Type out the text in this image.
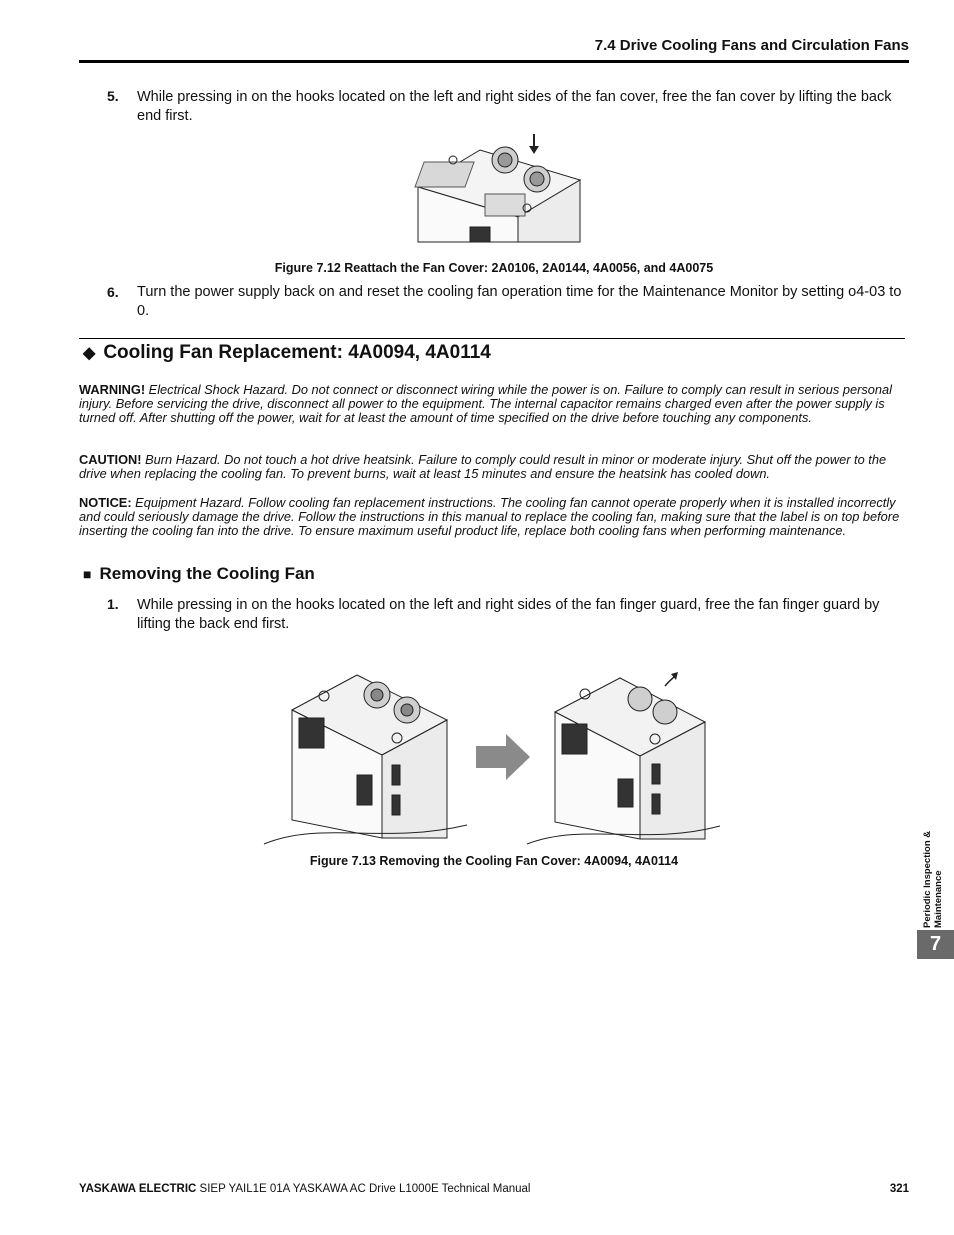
7.4 Drive Cooling Fans and Circulation Fans
5. While pressing in on the hooks located on the left and right sides of the fan cover, free the fan cover by lifting the back end first.
Figure 7.12 Reattach the Fan Cover: 2A0106, 2A0144, 4A0056, and 4A0075
6. Turn the power supply back on and reset the cooling fan operation time for the Maintenance Monitor by setting o4-03 to 0.
◆ Cooling Fan Replacement: 4A0094, 4A0114
WARNING! Electrical Shock Hazard. Do not connect or disconnect wiring while the power is on. Failure to comply can result in serious personal injury. Before servicing the drive, disconnect all power to the equipment. The internal capacitor remains charged even after the power supply is turned off. After shutting off the power, wait for at least the amount of time specified on the drive before touching any components.
CAUTION! Burn Hazard. Do not touch a hot drive heatsink. Failure to comply could result in minor or moderate injury. Shut off the power to the drive when replacing the cooling fan. To prevent burns, wait at least 15 minutes and ensure the heatsink has cooled down.
NOTICE: Equipment Hazard. Follow cooling fan replacement instructions. The cooling fan cannot operate properly when it is installed incorrectly and could seriously damage the drive. Follow the instructions in this manual to replace the cooling fan, making sure that the label is on top before inserting the cooling fan into the drive. To ensure maximum useful product life, replace both cooling fans when performing maintenance.
■ Removing the Cooling Fan
1. While pressing in on the hooks located on the left and right sides of the fan finger guard, free the fan finger guard by lifting the back end first.
Figure 7.13 Removing the Cooling Fan Cover: 4A0094, 4A0114	Periodic Inspection & Maintenance
7
YASKAWA ELECTRIC SIEP YAIL1E 01A YASKAWA AC Drive L1000E Technical Manual	321
